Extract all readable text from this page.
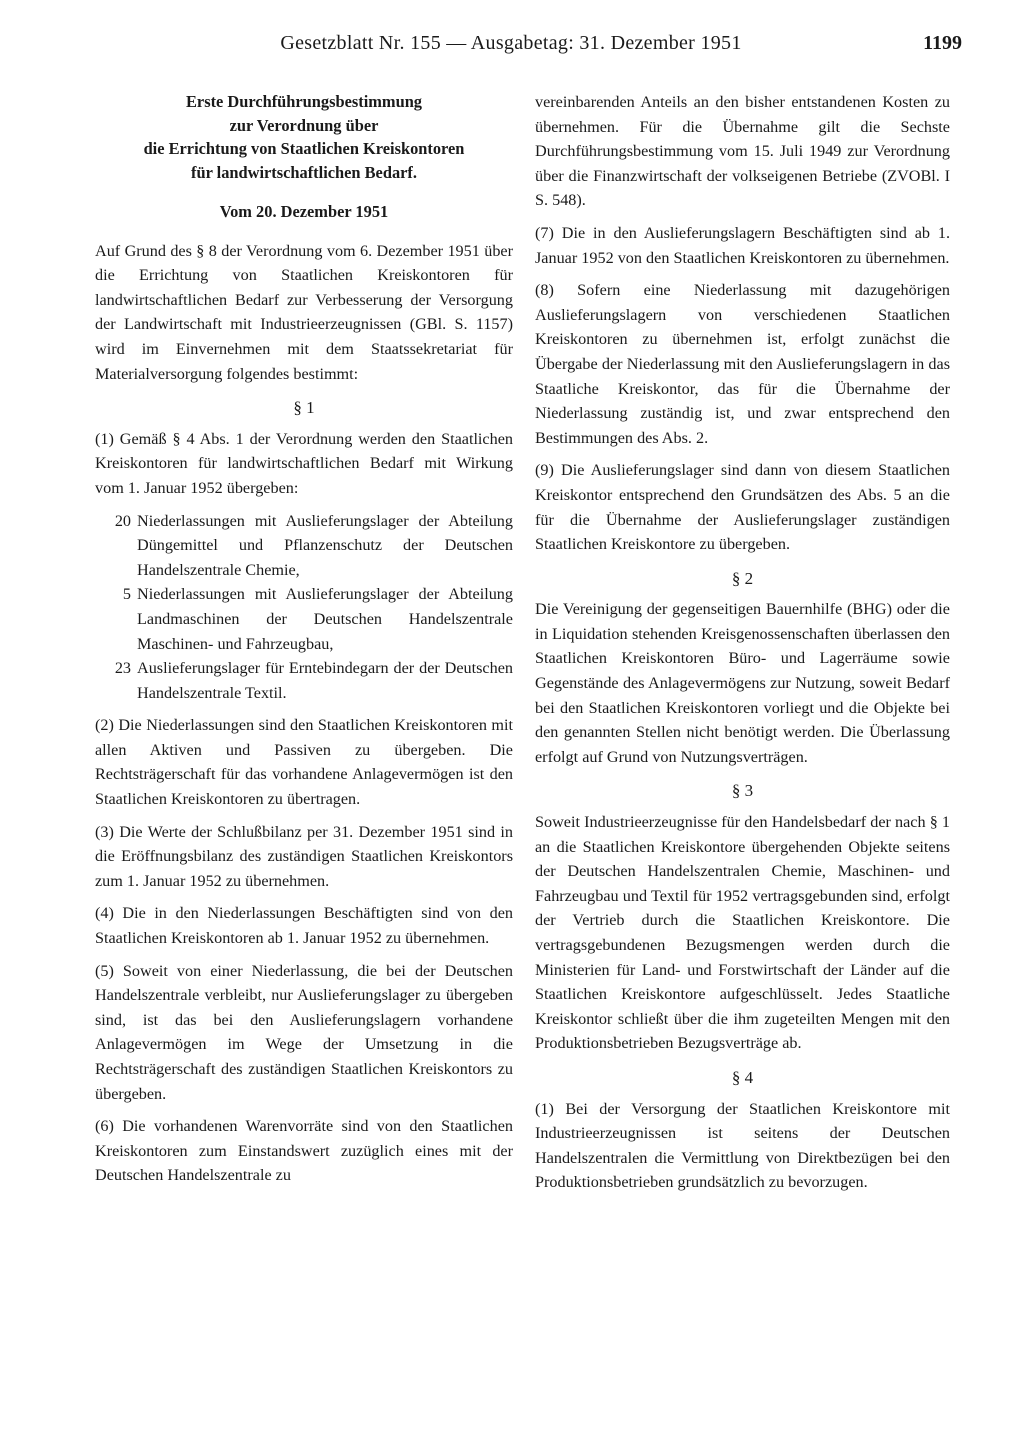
Gesetzblatt Nr. 155 — Ausgabetag: 31. Dezember 1951	1199
Erste Durchführungsbestimmung
zur Verordnung über
die Errichtung von Staatlichen Kreiskontoren
für landwirtschaftlichen Bedarf.
Vom 20. Dezember 1951

Auf Grund des § 8 der Verordnung vom 6. Dezember 1951 über die Errichtung von Staatlichen Kreiskontoren für landwirtschaftlichen Bedarf zur Verbesserung der Versorgung der Landwirtschaft mit Industrieerzeugnissen (GBl. S. 1157) wird im Einvernehmen mit dem Staatssekretariat für Materialversorgung folgendes bestimmt:

§ 1

(1) Gemäß § 4 Abs. 1 der Verordnung werden den Staatlichen Kreiskontoren für landwirtschaftlichen Bedarf mit Wirkung vom 1. Januar 1952 übergeben:

20 Niederlassungen mit Auslieferungslager der Abteilung Düngemittel und Pflanzenschutz der Deutschen Handelszentrale Chemie,
5 Niederlassungen mit Auslieferungslager der Abteilung Landmaschinen der Deutschen Handelszentrale Maschinen- und Fahrzeugbau,
23 Auslieferungslager für Erntebindegarn der der Deutschen Handelszentrale Textil.

(2) Die Niederlassungen sind den Staatlichen Kreiskontoren mit allen Aktiven und Passiven zu übergeben. Die Rechtsträgerschaft für das vorhandene Anlagevermögen ist den Staatlichen Kreiskontoren zu übertragen.

(3) Die Werte der Schlußbilanz per 31. Dezember 1951 sind in die Eröffnungsbilanz des zuständigen Staatlichen Kreiskontors zum 1. Januar 1952 zu übernehmen.

(4) Die in den Niederlassungen Beschäftigten sind von den Staatlichen Kreiskontoren ab 1. Januar 1952 zu übernehmen.

(5) Soweit von einer Niederlassung, die bei der Deutschen Handelszentrale verbleibt, nur Auslieferungslager zu übergeben sind, ist das bei den Auslieferungslagern vorhandene Anlagevermögen im Wege der Umsetzung in die Rechtsträgerschaft des zuständigen Staatlichen Kreiskontors zu übergeben.

(6) Die vorhandenen Warenvorräte sind von den Staatlichen Kreiskontoren zum Einstandswert zuzüglich eines mit der Deutschen Handelszentrale zu

vereinbarenden Anteils an den bisher entstandenen Kosten zu übernehmen. Für die Übernahme gilt die Sechste Durchführungsbestimmung vom 15. Juli 1949 zur Verordnung über die Finanzwirtschaft der volkseigenen Betriebe (ZVOBl. I S. 548).

(7) Die in den Auslieferungslagern Beschäftigten sind ab 1. Januar 1952 von den Staatlichen Kreiskontoren zu übernehmen.

(8) Sofern eine Niederlassung mit dazugehörigen Auslieferungslagern von verschiedenen Staatlichen Kreiskontoren zu übernehmen ist, erfolgt zunächst die Übergabe der Niederlassung mit den Auslieferungslagern in das Staatliche Kreiskontor, das für die Übernahme der Niederlassung zuständig ist, und zwar entsprechend den Bestimmungen des Abs. 2.

(9) Die Auslieferungslager sind dann von diesem Staatlichen Kreiskontor entsprechend den Grundsätzen des Abs. 5 an die für die Übernahme der Auslieferungslager zuständigen Staatlichen Kreiskontore zu übergeben.

§ 2

Die Vereinigung der gegenseitigen Bauernhilfe (BHG) oder die in Liquidation stehenden Kreisgenossenschaften überlassen den Staatlichen Kreiskontoren Büro- und Lagerräume sowie Gegenstände des Anlagevermögens zur Nutzung, soweit Bedarf bei den Staatlichen Kreiskontoren vorliegt und die Objekte bei den genannten Stellen nicht benötigt werden. Die Überlassung erfolgt auf Grund von Nutzungsverträgen.

§ 3

Soweit Industrieerzeugnisse für den Handelsbedarf der nach § 1 an die Staatlichen Kreiskontore übergehenden Objekte seitens der Deutschen Handelszentralen Chemie, Maschinen- und Fahrzeugbau und Textil für 1952 vertragsgebunden sind, erfolgt der Vertrieb durch die Staatlichen Kreiskontore. Die vertragsgebundenen Bezugsmengen werden durch die Ministerien für Land- und Forstwirtschaft der Länder auf die Staatlichen Kreiskontore aufgeschlüsselt. Jedes Staatliche Kreiskontor schließt über die ihm zugeteilten Mengen mit den Produktionsbetrieben Bezugsverträge ab.

§ 4

(1) Bei der Versorgung der Staatlichen Kreiskontore mit Industrieerzeugnissen ist seitens der Deutschen Handelszentralen die Vermittlung von Direktbezügen bei den Produktionsbetrieben grundsätzlich zu bevorzugen.
